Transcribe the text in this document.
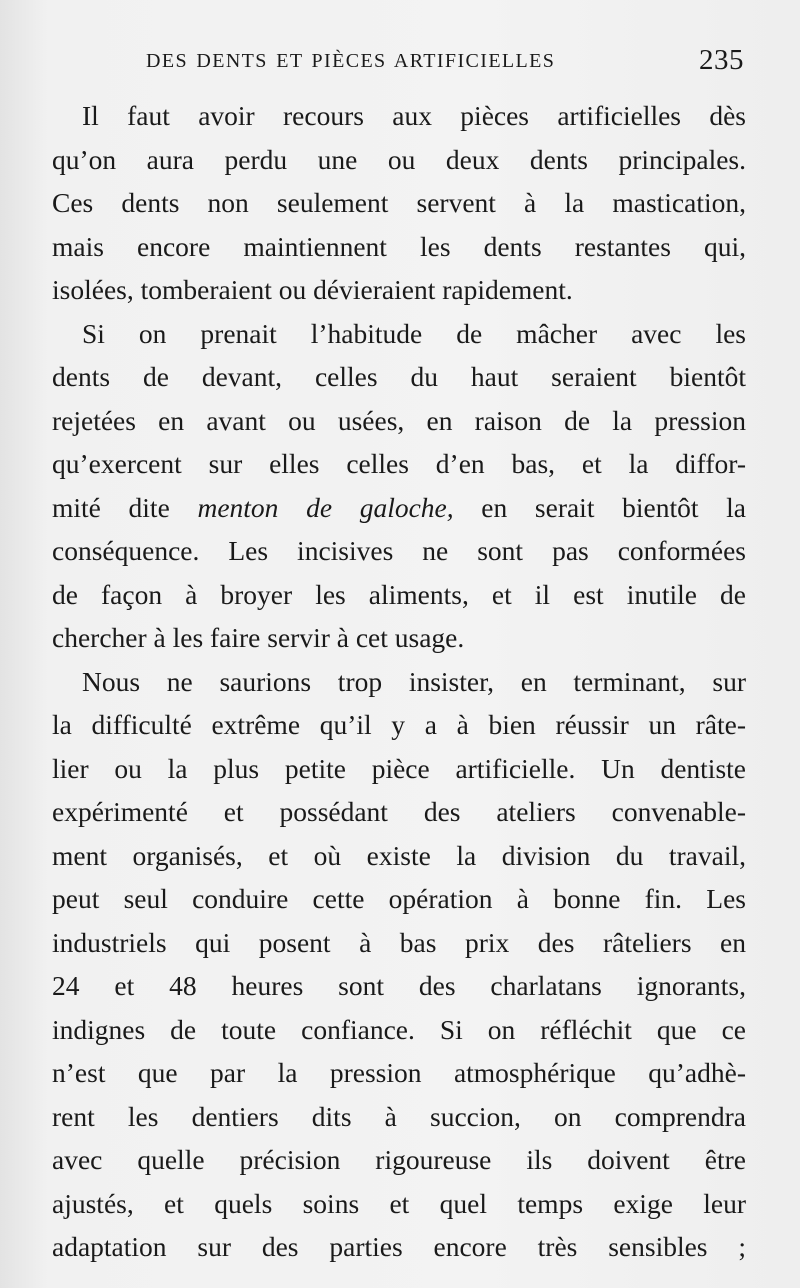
DES DENTS ET PIÈCES ARTIFICIELLES	235
Il faut avoir recours aux pièces artificielles dès
qu’on aura perdu une ou deux dents principales.
Ces dents non seulement servent à la mastication,
mais encore maintiennent les dents restantes qui,
isolées, tomberaient ou dévieraient rapidement.
Si on prenait l’habitude de mâcher avec les
dents de devant, celles du haut seraient bientôt
rejetées en avant ou usées, en raison de la pression
qu’exercent sur elles celles d’en bas, et la diffor-
mité dite menton de galoche, en serait bientôt la
conséquence. Les incisives ne sont pas conformées
de façon à broyer les aliments, et il est inutile de
chercher à les faire servir à cet usage.
Nous ne saurions trop insister, en terminant, sur
la difficulté extrême qu’il y a à bien réussir un râte-
lier ou la plus petite pièce artificielle. Un dentiste
expérimenté et possédant des ateliers convenable-
ment organisés, et où existe la division du travail,
peut seul conduire cette opération à bonne fin. Les
industriels qui posent à bas prix des râteliers en
24 et 48 heures sont des charlatans ignorants,
indignes de toute confiance. Si on réfléchit que ce
n’est que par la pression atmosphérique qu’adhè-
rent les dentiers dits à succion, on comprendra
avec quelle précision rigoureuse ils doivent être
ajustés, et quels soins et quel temps exige leur
adaptation sur des parties encore très sensibles ;
